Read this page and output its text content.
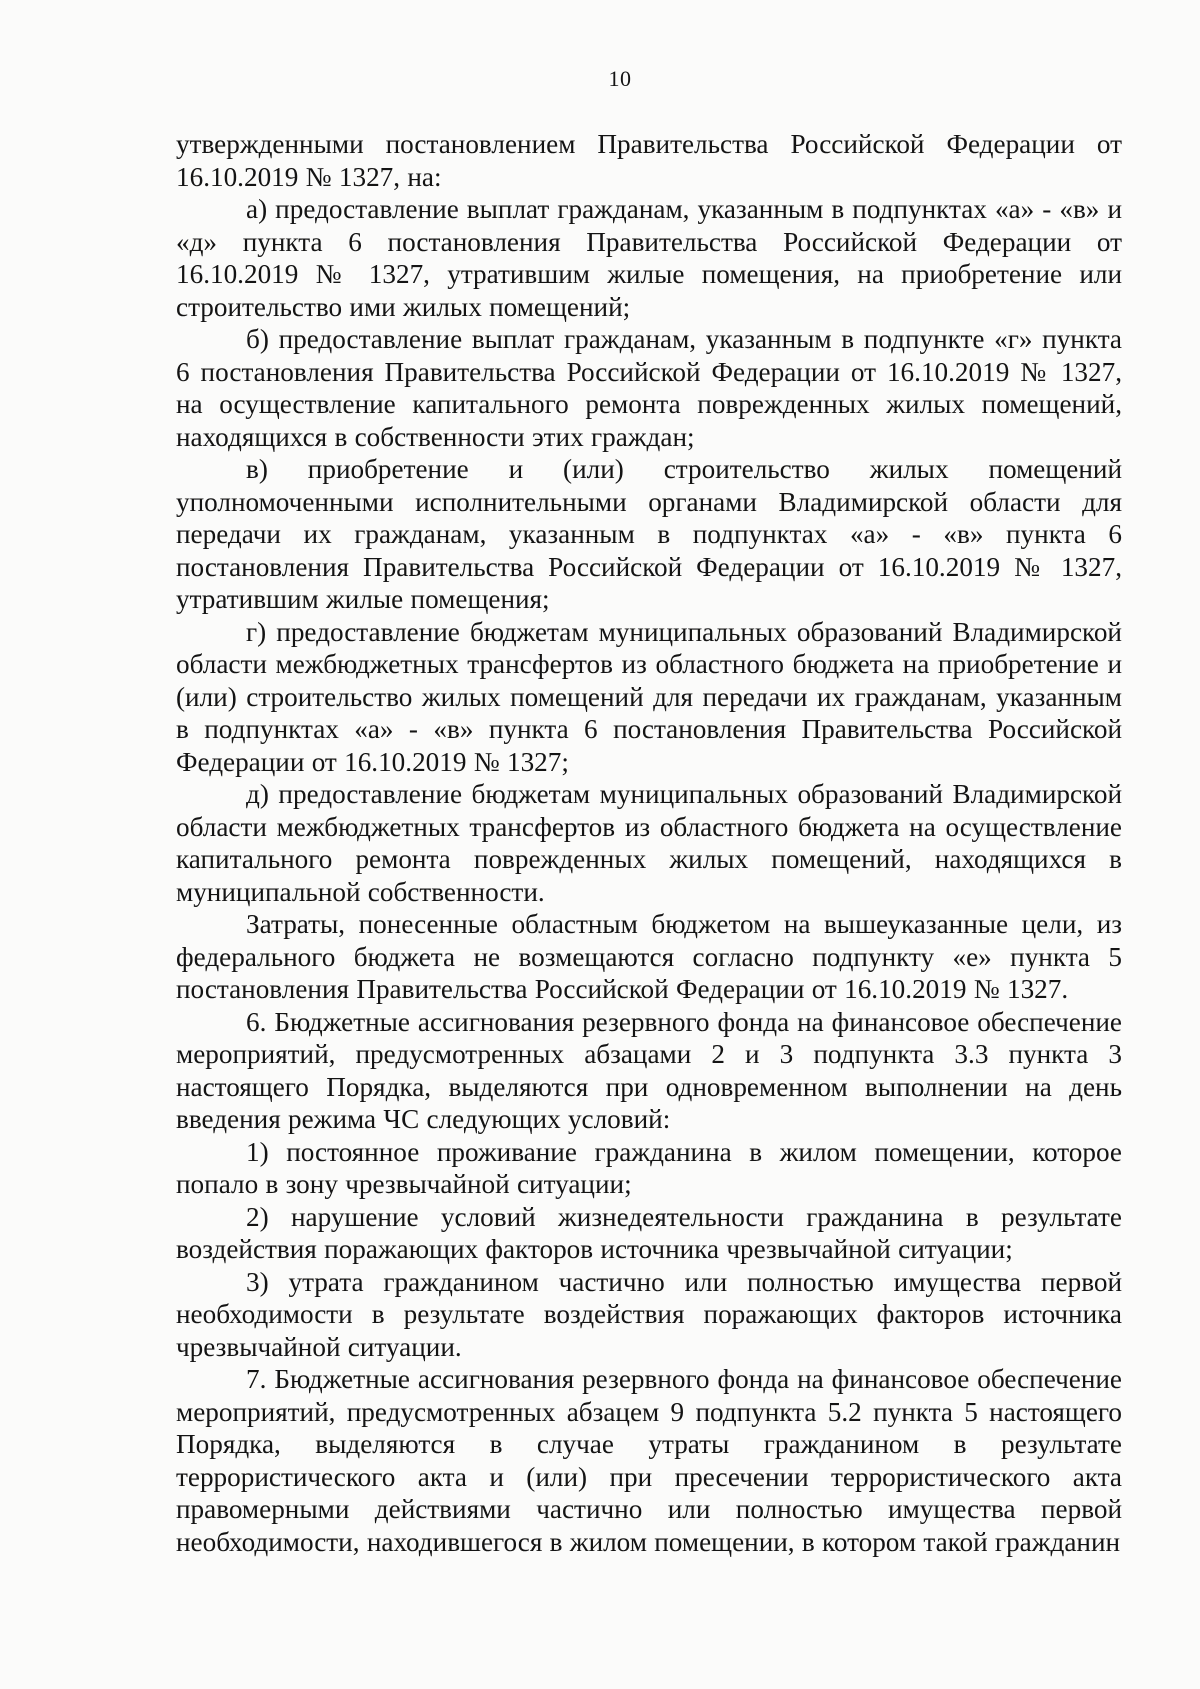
10

утвержденными постановлением Правительства Российской Федерации от 16.10.2019 № 1327, на:

а) предоставление выплат гражданам, указанным в подпунктах «а» - «в» и «д» пункта 6 постановления Правительства Российской Федерации от 16.10.2019 № 1327, утратившим жилые помещения, на приобретение или строительство ими жилых помещений;

б) предоставление выплат гражданам, указанным в подпункте «г» пункта 6 постановления Правительства Российской Федерации от 16.10.2019 № 1327, на осуществление капитального ремонта поврежденных жилых помещений, находящихся в собственности этих граждан;

в) приобретение и (или) строительство жилых помещений уполномоченными исполнительными органами Владимирской области для передачи их гражданам, указанным в подпунктах «а» - «в» пункта 6 постановления Правительства Российской Федерации от 16.10.2019 № 1327, утратившим жилые помещения;

г) предоставление бюджетам муниципальных образований Владимирской области межбюджетных трансфертов из областного бюджета на приобретение и (или) строительство жилых помещений для передачи их гражданам, указанным в подпунктах «а» - «в» пункта 6 постановления Правительства Российской Федерации от 16.10.2019 № 1327;

д) предоставление бюджетам муниципальных образований Владимирской области межбюджетных трансфертов из областного бюджета на осуществление капитального ремонта поврежденных жилых помещений, находящихся в муниципальной собственности.

Затраты, понесенные областным бюджетом на вышеуказанные цели, из федерального бюджета не возмещаются согласно подпункту «е» пункта 5 постановления Правительства Российской Федерации от 16.10.2019 № 1327.

6. Бюджетные ассигнования резервного фонда на финансовое обеспечение мероприятий, предусмотренных абзацами 2 и 3 подпункта 3.3 пункта 3 настоящего Порядка, выделяются при одновременном выполнении на день введения режима ЧС следующих условий:

1) постоянное проживание гражданина в жилом помещении, которое попало в зону чрезвычайной ситуации;

2) нарушение условий жизнедеятельности гражданина в результате воздействия поражающих факторов источника чрезвычайной ситуации;

3) утрата гражданином частично или полностью имущества первой необходимости в результате воздействия поражающих факторов источника чрезвычайной ситуации.

7. Бюджетные ассигнования резервного фонда на финансовое обеспечение мероприятий, предусмотренных абзацем 9 подпункта 5.2 пункта 5 настоящего Порядка, выделяются в случае утраты гражданином в результате террористического акта и (или) при пресечении террористического акта правомерными действиями частично или полностью имущества первой необходимости, находившегося в жилом помещении, в котором такой гражданин
